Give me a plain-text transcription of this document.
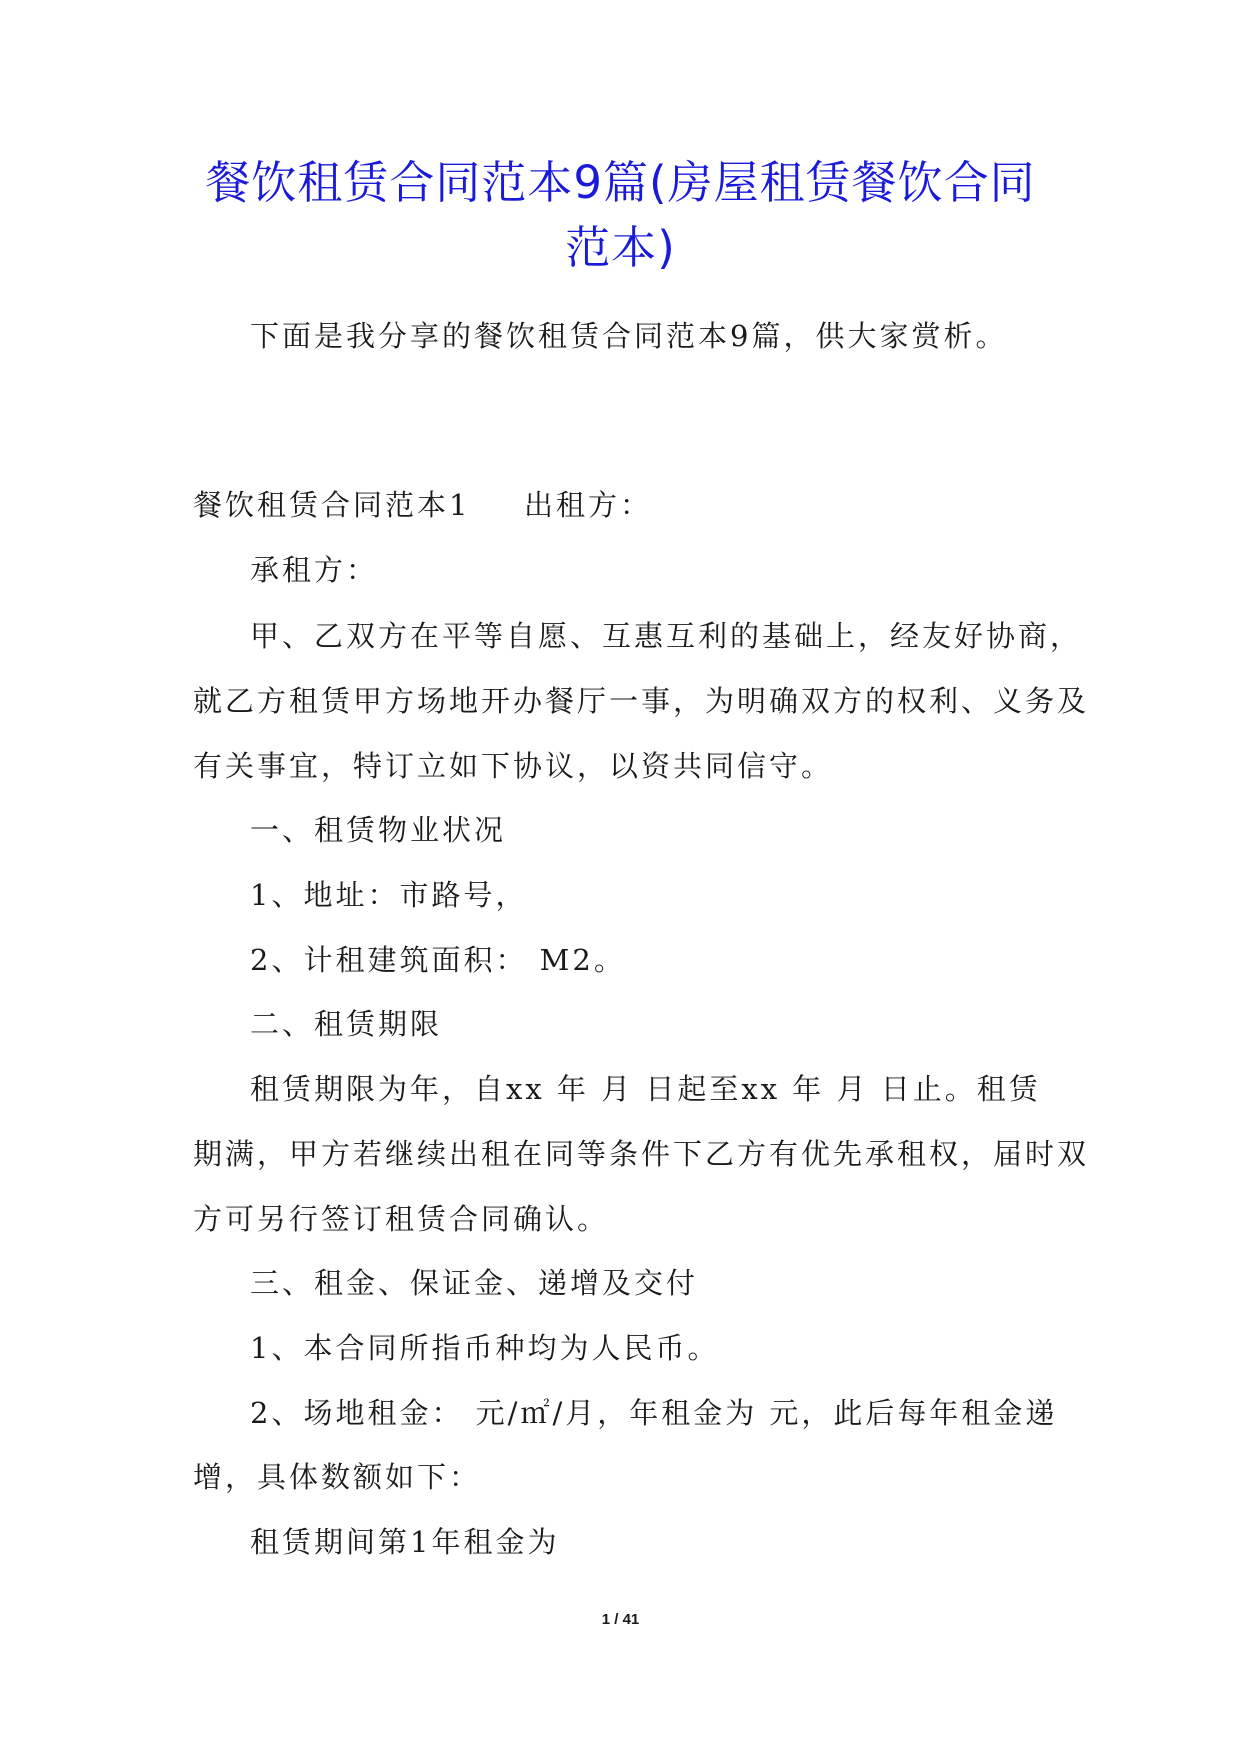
餐饮租赁合同范本9篇(房屋租赁餐饮合同
范本)
下面是我分享的餐饮租赁合同范本9篇，供大家赏析。
餐饮租赁合同范本1 出租方：
承租方：
甲、乙双方在平等自愿、互惠互利的基础上，经友好协商，
就乙方租赁甲方场地开办餐厅一事，为明确双方的权利、义务及
有关事宜，特订立如下协议，以资共同信守。
一、租赁物业状况
1、地址：市路号，
2、计租建筑面积： M2。
二、租赁期限
租赁期限为年，自xx 年 月 日起至xx 年 月 日止。租赁
期满，甲方若继续出租在同等条件下乙方有优先承租权，届时双
方可另行签订租赁合同确认。
三、租金、保证金、递增及交付
1、本合同所指币种均为人民币。
2、场地租金： 元/㎡/月，年租金为 元，此后每年租金递
增，具体数额如下：
租赁期间第1年租金为
1 / 41
